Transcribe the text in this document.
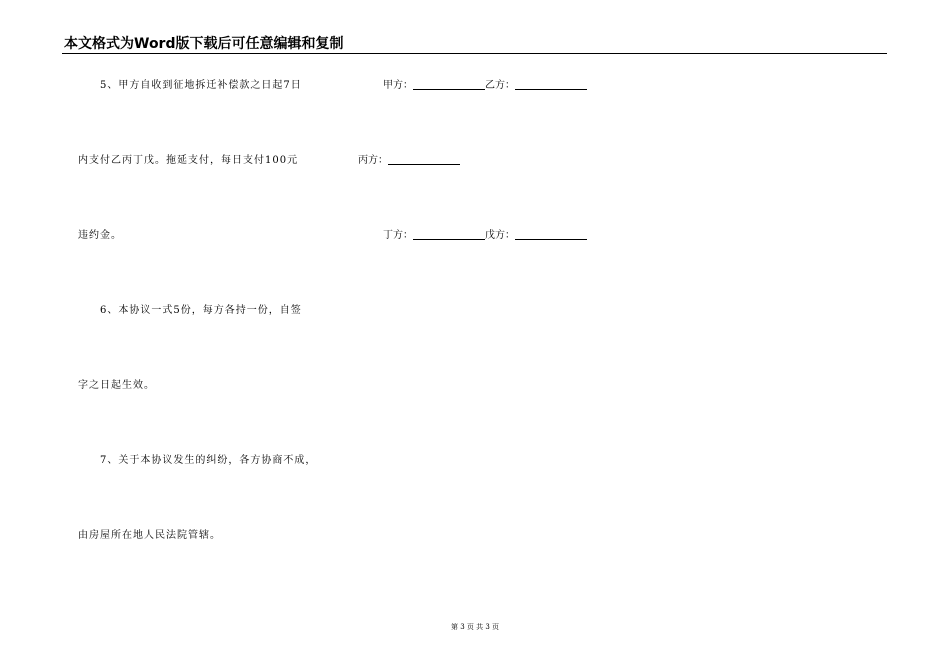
本文格式为Word版下载后可任意编辑和复制
5、甲方自收到征地拆迁补偿款之日起7日
内支付乙丙丁戊。拖延支付，每日支付100元
违约金。
6、本协议一式5份，每方各持一份，自签
字之日起生效。
7、关于本协议发生的纠纷，各方协商不成，
由房屋所在地人民法院管辖。
甲方：	乙方：
丙方：
丁方：	戊方：
第 3 页 共 3 页
